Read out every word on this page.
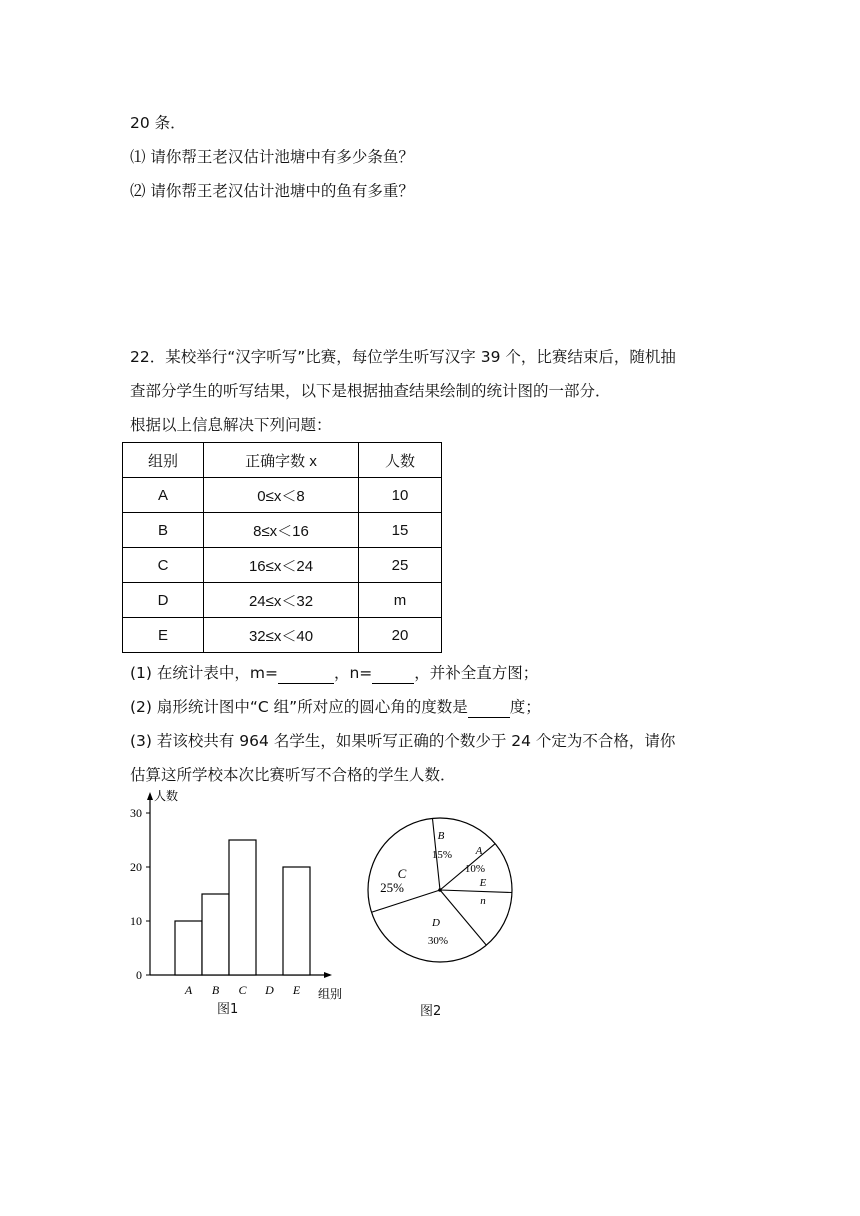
20 条．
⑴ 请你帮王老汉估计池塘中有多少条鱼？
⑵ 请你帮王老汉估计池塘中的鱼有多重？
22．某校举行“汉字听写”比赛，每位学生听写汉字 39 个，比赛结束后，随机抽
查部分学生的听写结果，以下是根据抽查结果绘制的统计图的一部分．
根据以上信息解决下列问题：
组别	正确字数 x	人数
A	0≤x＜8	10
B	8≤x＜16	15
C	16≤x＜24	25
D	24≤x＜32	m
E	32≤x＜40	20
(1) 在统计表中，m=	，n=	，并补全直方图；
(2) 扇形统计图中“C 组”所对应的圆心角的度数是	度；
(3) 若该校共有 964 名学生，如果听写正确的个数少于 24 个定为不合格，请你
估算这所学校本次比赛听写不合格的学生人数．
0
10
20
30
人数
组别
A B C D E
图1
B
15% A
10%
E
n
D
30%
C
25%
图2
